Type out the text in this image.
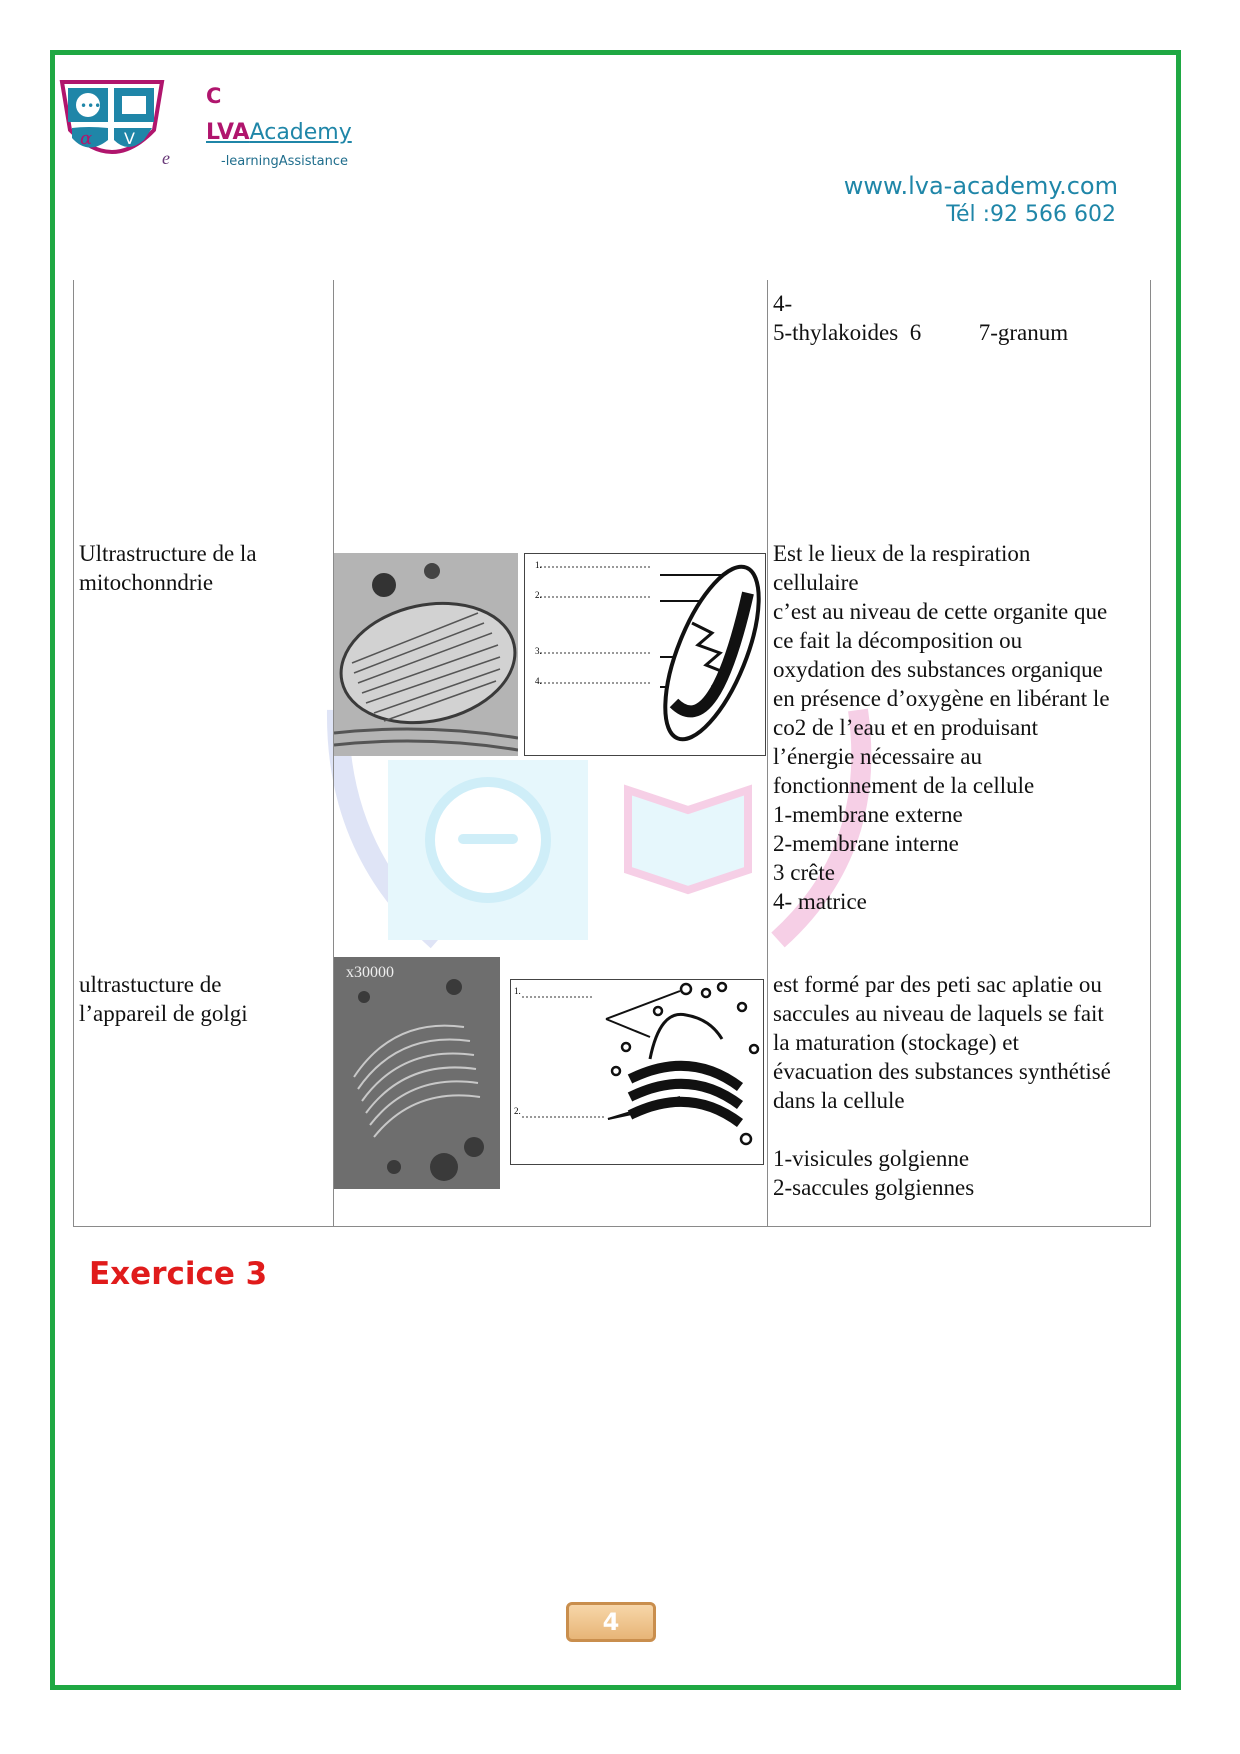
•••
α V
e
C
LVAAcademy
-learningAssistance
www.lva-academy.com
Tél :92 566 602

4-

5-thylakoides  6          7-granum

Ultrastructure de la

mitochonndrie

1.
2.
3.
4.

Est le lieux de la respiration

cellulaire

c’est au niveau de cette organite que

ce fait la décomposition ou

oxydation des substances organique

en présence d’oxygène en libérant le

co2 de l’eau et en produisant

l’énergie nécessaire au

fonctionnement de la cellule

1-membrane externe

2-membrane interne

3 crête

4- matrice

ultrastucture de

l’appareil de golgi

x30000
1.
2.

est formé par des peti sac aplatie ou

saccules au niveau de laquels se fait

la maturation (stockage) et

évacuation des substances synthétisé

dans la cellule

1-visicules golgienne

2-saccules golgiennes

Exercice 3
4
